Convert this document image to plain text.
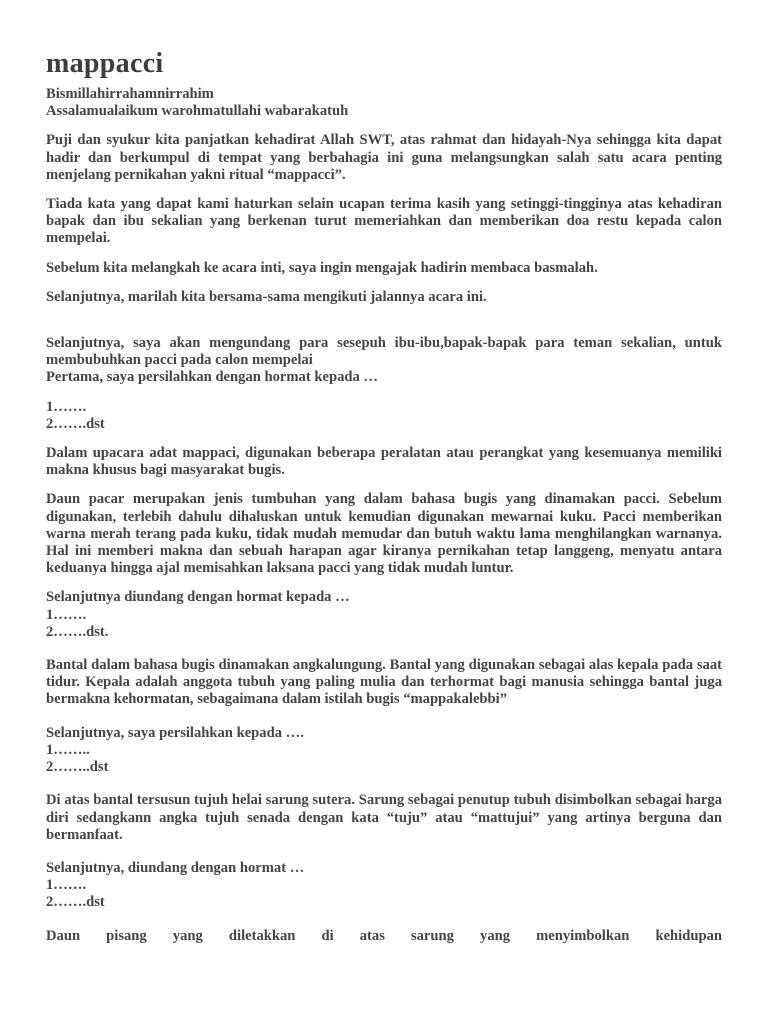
mappacci

Bismillahirrahamnirrahim
Assalamualaikum warohmatullahi wabarakatuh

Puji dan syukur kita panjatkan kehadirat Allah SWT, atas rahmat dan hidayah-Nya sehingga kita dapat hadir dan berkumpul di tempat yang berbahagia ini guna melangsungkan salah satu acara penting menjelang pernikahan yakni ritual “mappacci”.

Tiada kata yang dapat kami haturkan selain ucapan terima kasih yang setinggi-tingginya atas kehadiran bapak dan ibu sekalian yang berkenan turut memeriahkan dan memberikan doa restu kepada calon mempelai.

Sebelum kita melangkah ke acara inti, saya ingin mengajak hadirin membaca basmalah.

Selanjutnya, marilah kita bersama-sama mengikuti jalannya acara ini.

Selanjutnya, saya akan mengundang para sesepuh ibu-ibu,bapak-bapak para teman sekalian, untuk membubuhkan pacci pada calon mempelai
Pertama, saya persilahkan dengan hormat kepada …

1…….
2…….dst

Dalam upacara adat mappaci, digunakan beberapa peralatan atau perangkat yang kesemuanya memiliki makna khusus bagi masyarakat bugis.

Daun pacar merupakan jenis tumbuhan yang dalam bahasa bugis yang dinamakan pacci. Sebelum digunakan, terlebih dahulu dihaluskan untuk kemudian digunakan mewarnai kuku. Pacci memberikan warna merah terang pada kuku, tidak mudah memudar dan butuh waktu lama menghilangkan warnanya. Hal ini memberi makna dan sebuah harapan agar kiranya pernikahan tetap langgeng, menyatu antara keduanya hingga ajal memisahkan laksana pacci yang tidak mudah luntur.

Selanjutnya diundang dengan hormat kepada …
1…….
2…….dst.

Bantal dalam bahasa bugis dinamakan angkalungung. Bantal yang digunakan sebagai alas kepala pada saat tidur. Kepala adalah anggota tubuh yang paling mulia dan terhormat bagi manusia sehingga bantal juga bermakna kehormatan, sebagaimana dalam istilah bugis “mappakalebbi”

Selanjutnya, saya persilahkan kepada ….
1……..
2……..dst

Di atas bantal tersusun tujuh helai sarung sutera. Sarung sebagai penutup tubuh disimbolkan sebagai harga diri sedangkann angka tujuh senada dengan kata “tuju” atau “mattujui” yang artinya berguna dan bermanfaat.

Selanjutnya, diundang dengan hormat …
1…….
2…….dst

Daun pisang yang diletakkan di atas sarung yang menyimbolkan kehidupan
